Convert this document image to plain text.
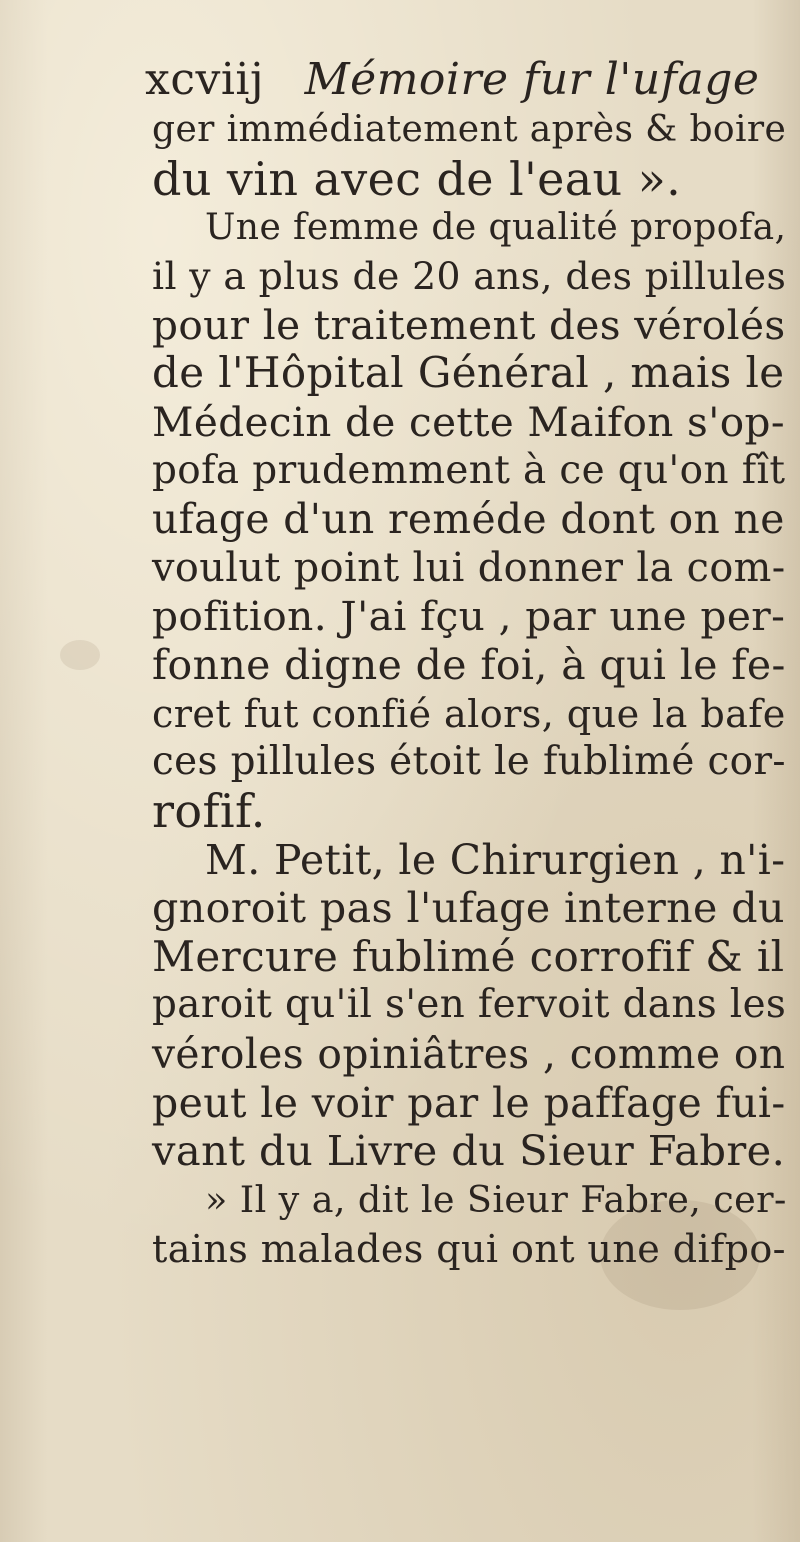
xcviij Mémoire fur l'ufage
ger immédiatement après & boire
du vin avec de l'eau ».
Une femme de qualité propofa,
il y a plus de 20 ans, des pillules
pour le traitement des vérolés
de l'Hôpital Général , mais le
Médecin de cette Maifon s'op-
pofa prudemment à ce qu'on fît
ufage d'un reméde dont on ne
voulut point lui donner la com-
pofition. J'ai fçu , par une per-
fonne digne de foi, à qui le fe-
cret fut confié alors, que la bafe
ces pillules étoit le fublimé cor-
rofif.
M. Petit, le Chirurgien , n'i-
gnoroit pas l'ufage interne du
Mercure fublimé corrofif & il
paroit qu'il s'en fervoit dans les
véroles opiniâtres , comme on
peut le voir par le paffage fui-
vant du Livre du Sieur Fabre.
» Il y a, dit le Sieur Fabre, cer-
tains malades qui ont une difpo-
